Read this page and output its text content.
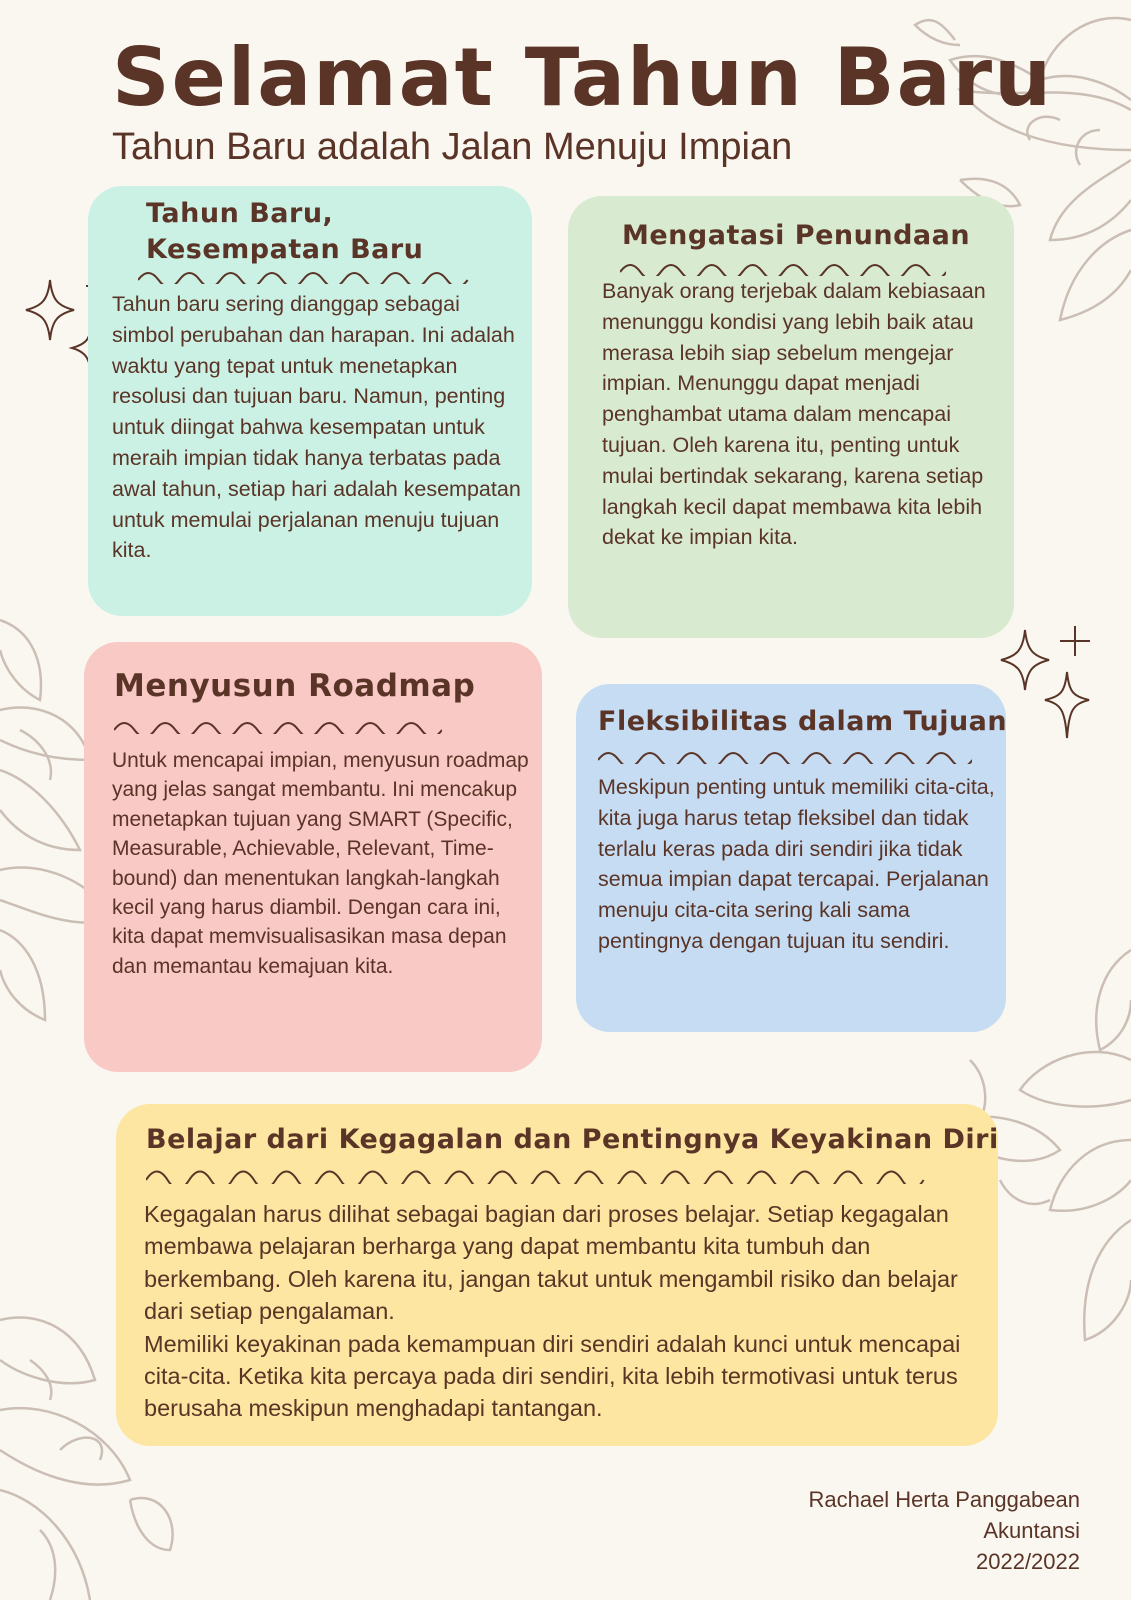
Selamat Tahun Baru
Tahun Baru adalah Jalan Menuju Impian
Tahun Baru,
Kesempatan Baru

Tahun baru sering dianggap sebagai simbol perubahan dan harapan. Ini adalah waktu yang tepat untuk menetapkan resolusi dan tujuan baru. Namun, penting untuk diingat bahwa kesempatan untuk meraih impian tidak hanya terbatas pada awal tahun, setiap hari adalah kesempatan untuk memulai perjalanan menuju tujuan kita.

Mengatasi Penundaan

Banyak orang terjebak dalam kebiasaan menunggu kondisi yang lebih baik atau merasa lebih siap sebelum mengejar impian. Menunggu dapat menjadi penghambat utama dalam mencapai tujuan. Oleh karena itu, penting untuk mulai bertindak sekarang, karena setiap langkah kecil dapat membawa kita lebih dekat ke impian kita.

Menyusun Roadmap

Untuk mencapai impian, menyusun roadmap yang jelas sangat membantu. Ini mencakup menetapkan tujuan yang SMART (Specific, Measurable, Achievable, Relevant, Time-bound) dan menentukan langkah-langkah kecil yang harus diambil. Dengan cara ini, kita dapat memvisualisasikan masa depan dan memantau kemajuan kita.

Fleksibilitas dalam Tujuan

Meskipun penting untuk memiliki cita-cita, kita juga harus tetap fleksibel dan tidak terlalu keras pada diri sendiri jika tidak semua impian dapat tercapai. Perjalanan menuju cita-cita sering kali sama pentingnya dengan tujuan itu sendiri.

Belajar dari Kegagalan dan Pentingnya Keyakinan Diri

Kegagalan harus dilihat sebagai bagian dari proses belajar. Setiap kegagalan membawa pelajaran berharga yang dapat membantu kita tumbuh dan berkembang. Oleh karena itu, jangan takut untuk mengambil risiko dan belajar dari setiap pengalaman.
Memiliki keyakinan pada kemampuan diri sendiri adalah kunci untuk mencapai cita-cita. Ketika kita percaya pada diri sendiri, kita lebih termotivasi untuk terus berusaha meskipun menghadapi tantangan.

Rachael Herta Panggabean
Akuntansi
2022/2022
